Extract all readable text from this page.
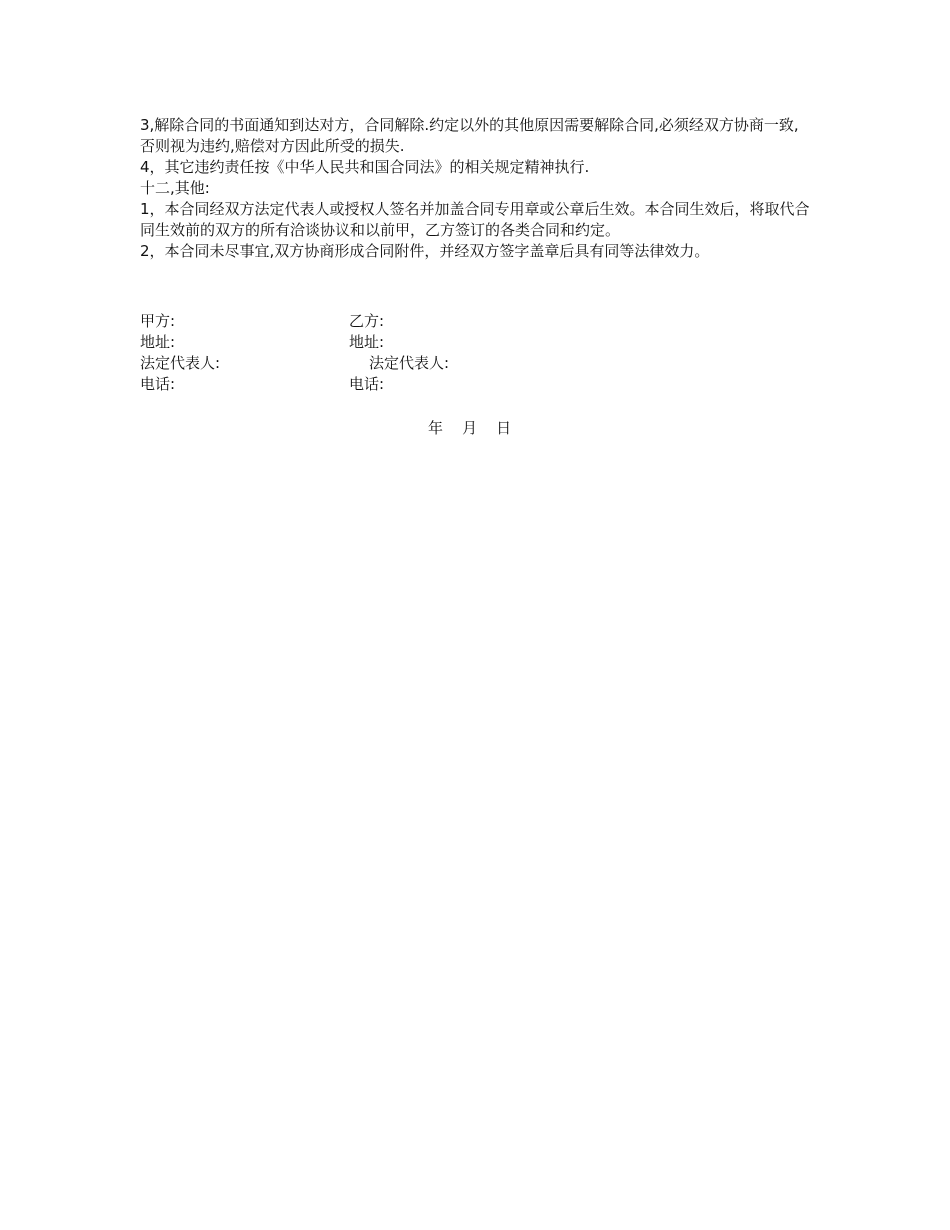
3,解除合同的书面通知到达对方，合同解除.约定以外的其他原因需要解除合同,必须经双方协商一致,否则视为违约,赔偿对方因此所受的损失.

4，其它违约责任按《中华人民共和国合同法》的相关规定精神执行.

十二,其他:

1，本合同经双方法定代表人或授权人签名并加盖合同专用章或公章后生效。本合同生效后，将取代合同生效前的双方的所有洽谈协议和以前甲，乙方签订的各类合同和约定。

2，本合同未尽事宜,双方协商形成合同附件，并经双方签字盖章后具有同等法律效力。

甲方:	乙方:
地址:	地址:
法定代表人:	法定代表人:
电话:	电话:
年    月    日
